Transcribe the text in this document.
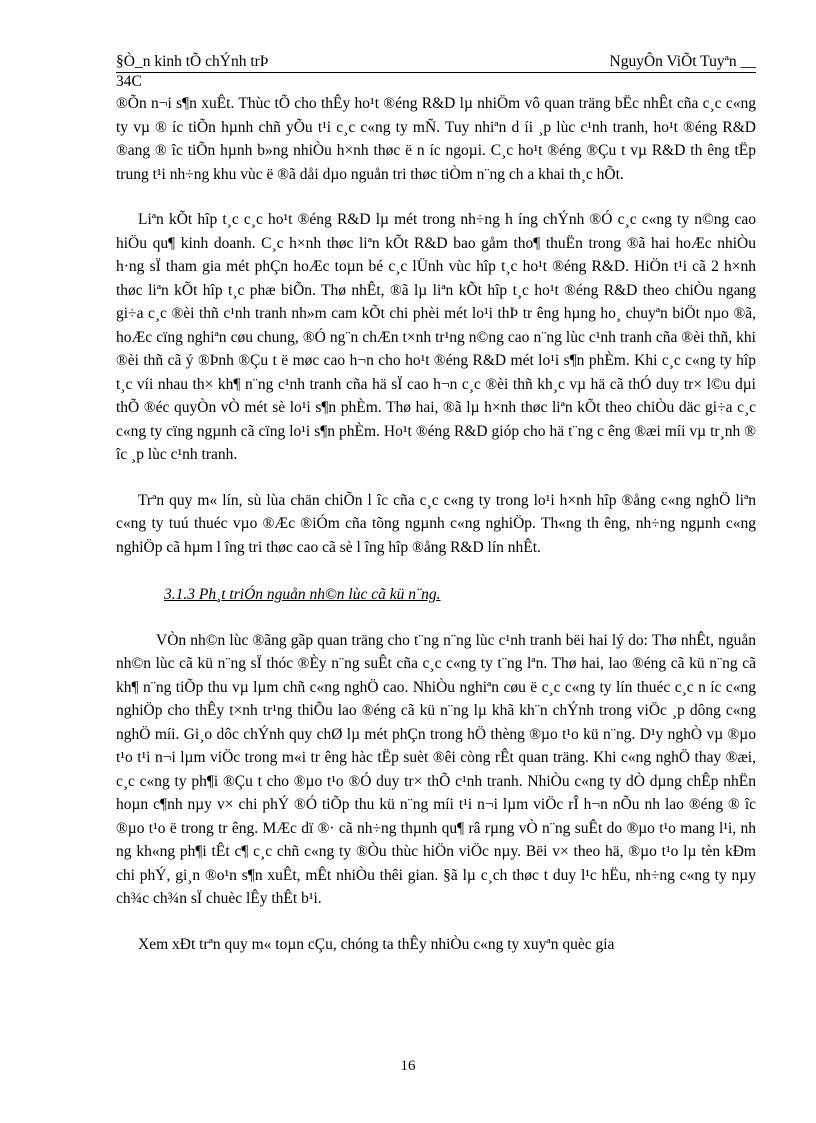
§Ò_n kinh tÕ chÝnh trÞ	NguyÔn ViÕt Tuyªn __
34C

®Õn n¬i s¶n xuÊt. Thùc tÕ cho thÊy ho¹t ®éng R&D lµ nhiÖm vô quan träng bËc nhÊt cña c¸c c«ng ty vµ ® íc tiÕn hµnh chñ yÕu t¹i c¸c c«ng ty mÑ. Tuy nhiªn d íi ¸p lùc c¹nh tranh, ho¹t ®éng R&D ®ang ® îc tiÕn hµnh b»ng nhiÒu h×nh thøc ë n íc ngoµi. C¸c ho¹t ®éng ®Çu t vµ R&D th êng tËp trung t¹i nh÷ng khu vùc ë ®ã dåi dµo nguån tri thøc tiÒm n¨ng ch a khai th¸c hÕt.

Liªn kÕt hîp t¸c c¸c ho¹t ®éng R&D lµ mét trong nh÷ng h íng chÝnh ®Ó c¸c c«ng ty n©ng cao hiÖu qu¶ kinh doanh. C¸c h×nh thøc liªn kÕt R&D bao gåm tho¶ thuËn trong ®ã hai hoÆc nhiÒu h·ng sÏ tham gia mét phÇn hoÆc toµn bé c¸c lÜnh vùc hîp t¸c ho¹t ®éng R&D. HiÖn t¹i cã 2 h×nh thøc liªn kÕt hîp t¸c phæ biÕn. Thø nhÊt, ®ã lµ liªn kÕt hîp t¸c ho¹t ®éng R&D theo chiÒu ngang gi÷a c¸c ®èi thñ c¹nh tranh nh»m cam kÕt chi phèi mét lo¹i thÞ tr êng hµng ho¸ chuyªn biÖt nµo ®ã, hoÆc cïng nghiªn cøu chung, ®Ó ng¨n chÆn t×nh tr¹ng n©ng cao n¨ng lùc c¹nh tranh cña ®èi thñ, khi ®èi thñ cã ý ®Þnh ®Çu t ë møc cao h¬n cho ho¹t ®éng R&D mét lo¹i s¶n phÈm. Khi c¸c c«ng ty hîp t¸c víi nhau th× kh¶ n¨ng c¹nh tranh cña hä sÏ cao h¬n c¸c ®èi thñ kh¸c vµ hä cã thÓ duy tr× l©u dµi thÕ ®éc quyÒn vÒ mét sè lo¹i s¶n phÈm. Thø hai, ®ã lµ h×nh thøc liªn kÕt theo chiÒu däc gi÷a c¸c c«ng ty cïng ngµnh cã cïng lo¹i s¶n phÈm. Ho¹t ®éng R&D gióp cho hä t¨ng c êng ®æi míi vµ tr¸nh ® îc ¸p lùc c¹nh tranh.

Trªn quy m« lín, sù lùa chän chiÕn l îc cña c¸c c«ng ty trong lo¹i h×nh hîp ®ång c«ng nghÖ liªn c«ng ty tuú thuéc vµo ®Æc ®iÓm cña tõng ngµnh c«ng nghiÖp. Th«ng th êng, nh÷ng ngµnh c«ng nghiÖp cã hµm l îng tri thøc cao cã sè l îng hîp ®ång R&D lín nhÊt.

3.1.3 Ph¸t triÓn nguån nh©n lùc cã kü n¨ng.

VÒn nh©n lùc ®ãng gãp quan träng cho t¨ng n¨ng lùc c¹nh tranh bëi hai lý do: Thø nhÊt, nguån nh©n lùc cã kü n¨ng sÏ thóc ®Èy n¨ng suÊt cña c¸c c«ng ty t¨ng lªn. Thø hai, lao ®éng cã kü n¨ng cã kh¶ n¨ng tiÕp thu vµ lµm chñ c«ng nghÖ cao. NhiÒu nghiªn cøu ë c¸c c«ng ty lín thuéc c¸c n íc c«ng nghiÖp cho thÊy t×nh tr¹ng thiÕu lao ®éng cã kü n¨ng lµ khã kh¨n chÝnh trong viÖc ¸p dông c«ng nghÖ míi. Gi¸o dôc chÝnh quy chØ lµ mét phÇn trong hÖ thèng ®µo t¹o kü n¨ng. D¹y nghÒ vµ ®µo t¹o t¹i n¬i lµm viÖc trong m«i tr êng hàc tËp suèt ®êi còng rÊt quan träng. Khi c«ng nghÖ thay ®æi, c¸c c«ng ty ph¶i ®Çu t cho ®µo t¹o ®Ó duy tr× thÕ c¹nh tranh. NhiÒu c«ng ty dÒ dµng chÊp nhËn hoµn c¶nh nµy v× chi phÝ ®Ó tiÕp thu kü n¨ng míi t¹i n¬i lµm viÖc rÎ h¬n nÕu nh lao ®éng ® îc ®µo t¹o ë trong tr êng. MÆc dï ®· cã nh÷ng thµnh qu¶ râ rµng vÒ n¨ng suÊt do ®µo t¹o mang l¹i, nh ng kh«ng ph¶i tÊt c¶ c¸c chñ c«ng ty ®Òu thùc hiÖn viÖc nµy. Bëi v× theo hä, ®µo t¹o lµ tèn kÐm chi phÝ, gi¸n ®o¹n s¶n xuÊt, mÊt nhiÒu thêi gian. §ã lµ c¸ch thøc t duy l¹c hËu, nh÷ng c«ng ty nµy ch¾c ch¾n sÏ chuèc lÊy thÊt b¹i.

Xem xÐt trªn quy m« toµn cÇu, chóng ta thÊy nhiÒu c«ng ty xuyªn quèc gia

16
